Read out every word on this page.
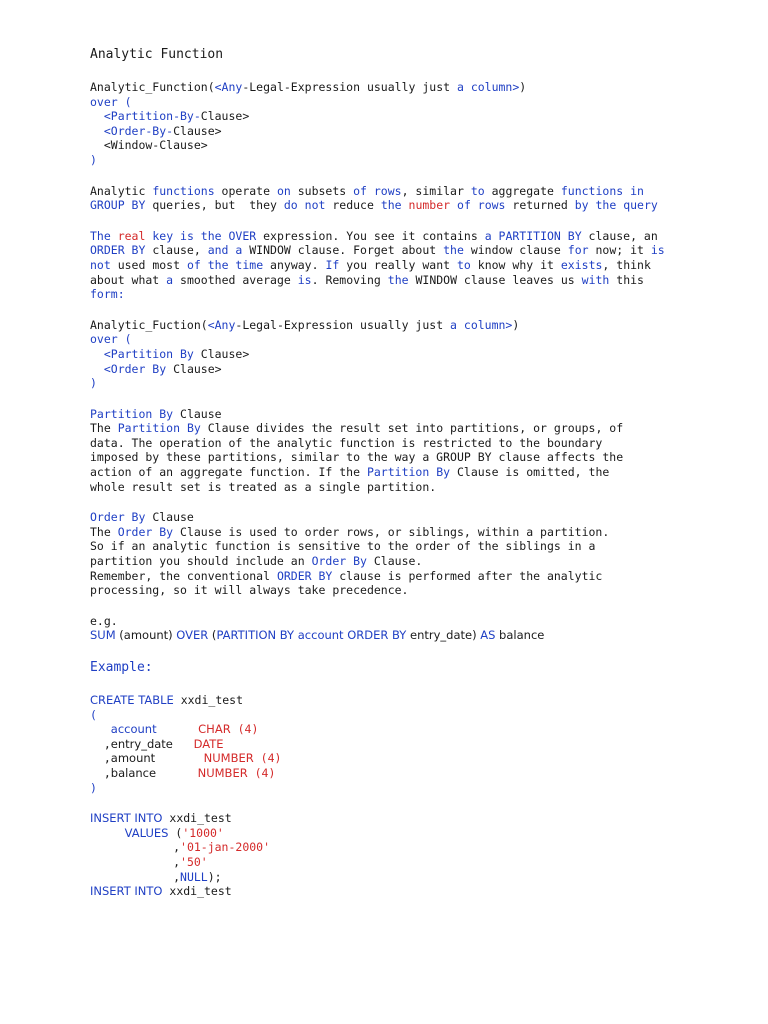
Analytic Function
Analytic_Function(<Any-Legal-Expression usually just a column>)
over (
<Partition-By-Clause>
<Order-By-Clause>
<Window-Clause>
)
Analytic functions operate on subsets of rows, similar to aggregate functions in
GROUP BY queries, but  they do not reduce the number of rows returned by the query
The real key is the OVER expression. You see it contains a PARTITION BY clause, an
ORDER BY clause, and a WINDOW clause. Forget about the window clause for now; it is
not used most of the time anyway. If you really want to know why it exists, think
about what a smoothed average is. Removing the WINDOW clause leaves us with this
form:
Analytic_Fuction(<Any-Legal-Expression usually just a column>)
over (
<Partition By Clause>
<Order By Clause>
)
Partition By Clause
The Partition By Clause divides the result set into partitions, or groups, of
data. The operation of the analytic function is restricted to the boundary
imposed by these partitions, similar to the way a GROUP BY clause affects the
action of an aggregate function. If the Partition By Clause is omitted, the
whole result set is treated as a single partition.
Order By Clause
The Order By Clause is used to order rows, or siblings, within a partition.
So if an analytic function is sensitive to the order of the siblings in a
partition you should include an Order By Clause.
Remember, the conventional ORDER BY clause is performed after the analytic
processing, so it will always take precedence.
e.g.
SUM (amount) OVER (PARTITION BY account ORDER BY entry_date) AS balance
Example:
CREATE TABLE xxdi_test
(
account	CHAR (4)
,entry_date DATE
,amount	NUMBER (4)
,balance	NUMBER (4)
)
INSERT INTO xxdi_test
VALUES ('1000'
,'01-jan-2000'
,'50'
,NULL);
INSERT INTO xxdi_test
